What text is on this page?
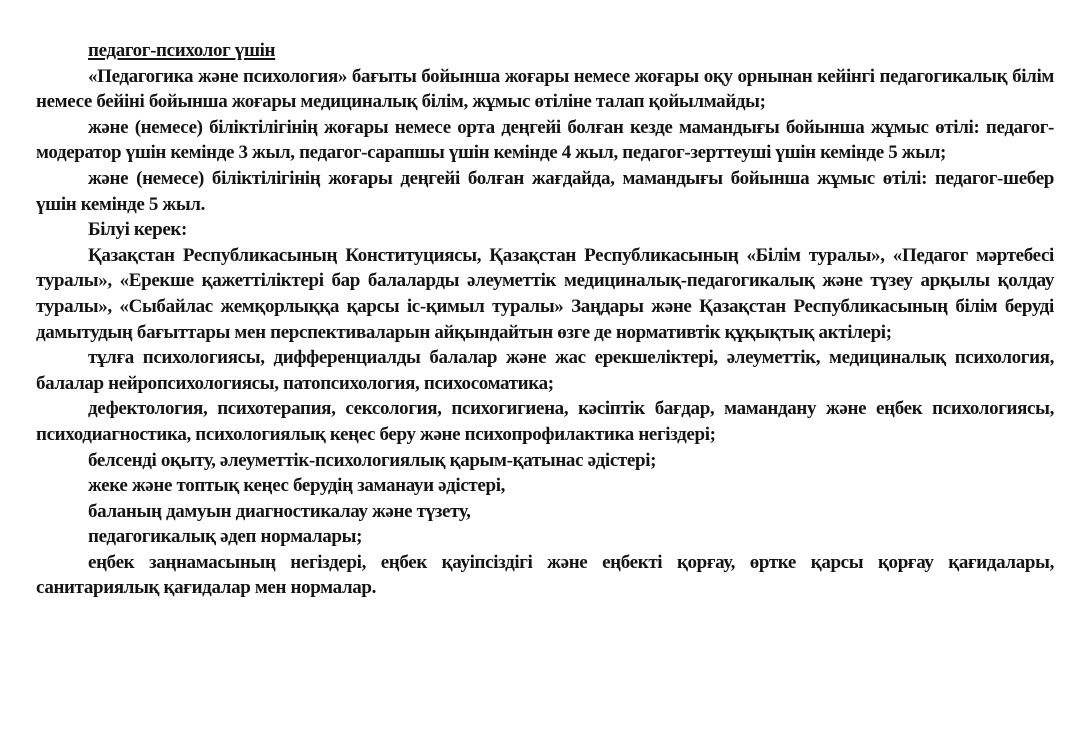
педагог-психолог үшін

«Педагогика және психология» бағыты бойынша жоғары немесе жоғары оқу орнынан кейінгі педагогикалық білім немесе бейіні бойынша жоғары медициналық білім, жұмыс өтіліне талап қойылмайды;

және (немесе) біліктілігінің жоғары немесе орта деңгейі болған кезде мамандығы бойынша жұмыс өтілі: педагог-модератор үшін кемінде 3 жыл, педагог-сарапшы үшін кемінде 4 жыл, педагог-зерттеуші үшін кемінде 5 жыл;

және (немесе) біліктілігінің жоғары деңгейі болған жағдайда, мамандығы бойынша жұмыс өтілі: педагог-шебер үшін кемінде 5 жыл.

Білуі керек:

Қазақстан Республикасының Конституциясы, Қазақстан Республикасының «Білім туралы», «Педагог мәртебесі туралы», «Ерекше қажеттіліктері бар балаларды әлеуметтік медициналық-педагогикалық және түзеу арқылы қолдау туралы», «Сыбайлас жемқорлыққа қарсы іс-қимыл туралы» Заңдары және Қазақстан Республикасының білім беруді дамытудың бағыттары мен перспективаларын айқындайтын өзге де нормативтік құқықтық актілері;

тұлға психологиясы, дифференциалды балалар және жас ерекшеліктері, әлеуметтік, медициналық психология, балалар нейропсихологиясы, патопсихология, психосоматика;

дефектология, психотерапия, сексология, психогигиена, кәсіптік бағдар, мамандану және еңбек психологиясы, психодиагностика, психологиялық кеңес беру және психопрофилактика негіздері;

белсенді оқыту, әлеуметтік-психологиялық қарым-қатынас әдістері;

жеке және топтық кеңес берудің заманауи әдістері,

баланың дамуын диагностикалау және түзету,

педагогикалық әдеп нормалары;

еңбек заңнамасының негіздері, еңбек қауіпсіздігі және еңбекті қорғау, өртке қарсы қорғау қағидалары, санитариялық қағидалар мен нормалар.
